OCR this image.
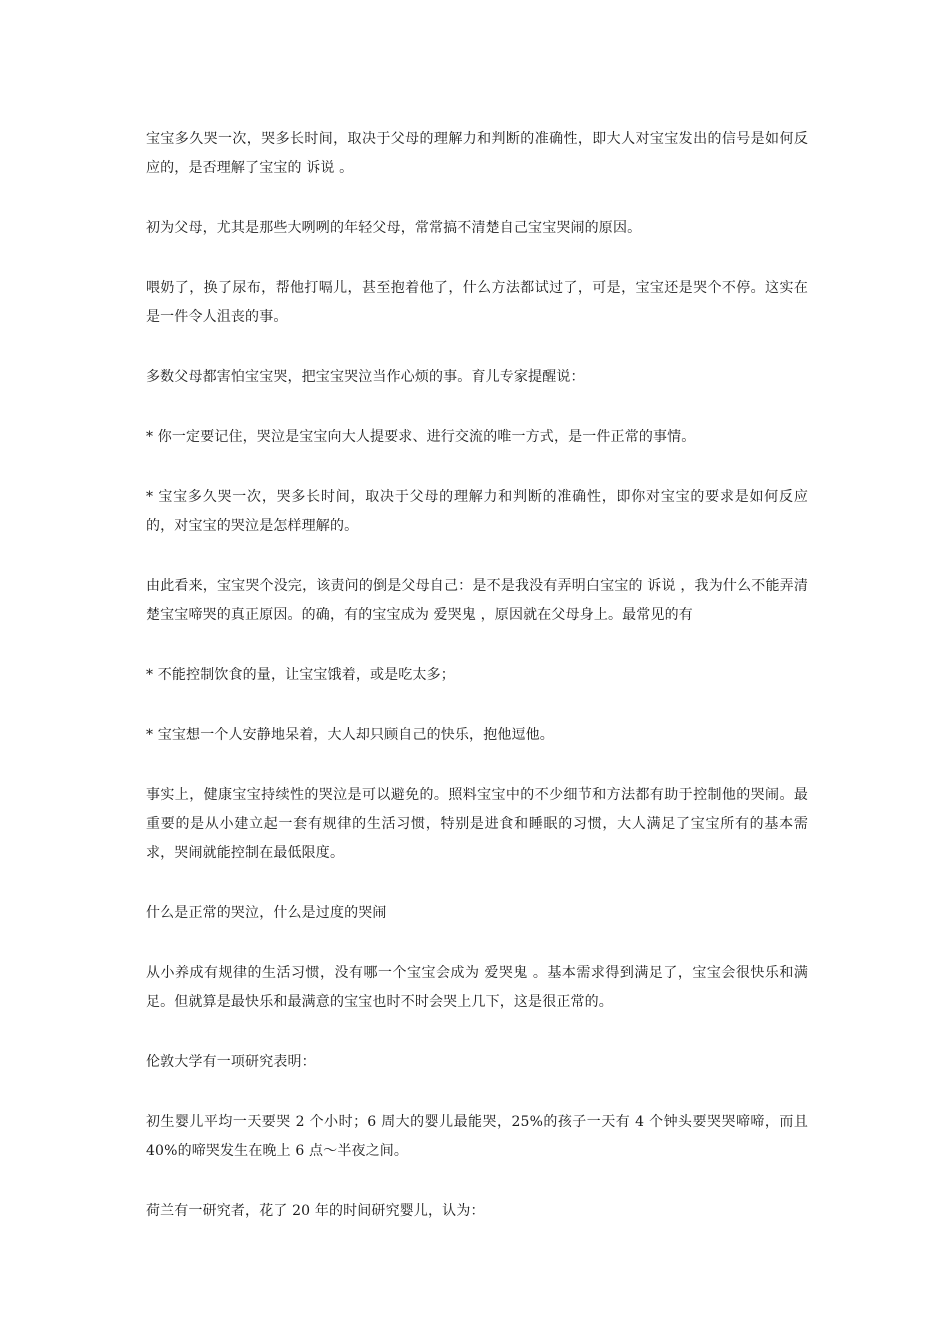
宝宝多久哭一次，哭多长时间，取决于父母的理解力和判断的准确性，即大人对宝宝发出的信号是如何反应的，是否理解了宝宝的 诉说 。

初为父母，尤其是那些大咧咧的年轻父母，常常搞不清楚自己宝宝哭闹的原因。

喂奶了，换了尿布，帮他打嗝儿，甚至抱着他了，什么方法都试过了，可是，宝宝还是哭个不停。这实在是一件令人沮丧的事。

多数父母都害怕宝宝哭，把宝宝哭泣当作心烦的事。育儿专家提醒说：

* 你一定要记住，哭泣是宝宝向大人提要求、进行交流的唯一方式，是一件正常的事情。

* 宝宝多久哭一次，哭多长时间，取决于父母的理解力和判断的准确性，即你对宝宝的要求是如何反应的，对宝宝的哭泣是怎样理解的。

由此看来，宝宝哭个没完，该责问的倒是父母自己：是不是我没有弄明白宝宝的 诉说 ，我为什么不能弄清楚宝宝啼哭的真正原因。的确，有的宝宝成为 爱哭鬼 ，原因就在父母身上。最常见的有

* 不能控制饮食的量，让宝宝饿着，或是吃太多；

* 宝宝想一个人安静地呆着，大人却只顾自己的快乐，抱他逗他。

事实上，健康宝宝持续性的哭泣是可以避免的。照料宝宝中的不少细节和方法都有助于控制他的哭闹。最重要的是从小建立起一套有规律的生活习惯，特别是进食和睡眠的习惯，大人满足了宝宝所有的基本需求，哭闹就能控制在最低限度。

什么是正常的哭泣，什么是过度的哭闹

从小养成有规律的生活习惯，没有哪一个宝宝会成为 爱哭鬼 。基本需求得到满足了，宝宝会很快乐和满足。但就算是最快乐和最满意的宝宝也时不时会哭上几下，这是很正常的。

伦敦大学有一项研究表明：

初生婴儿平均一天要哭 2 个小时；6 周大的婴儿最能哭，25%的孩子一天有 4 个钟头要哭哭啼啼，而且 40%的啼哭发生在晚上 6 点～半夜之间。

荷兰有一研究者，花了 20 年的时间研究婴儿，认为：
